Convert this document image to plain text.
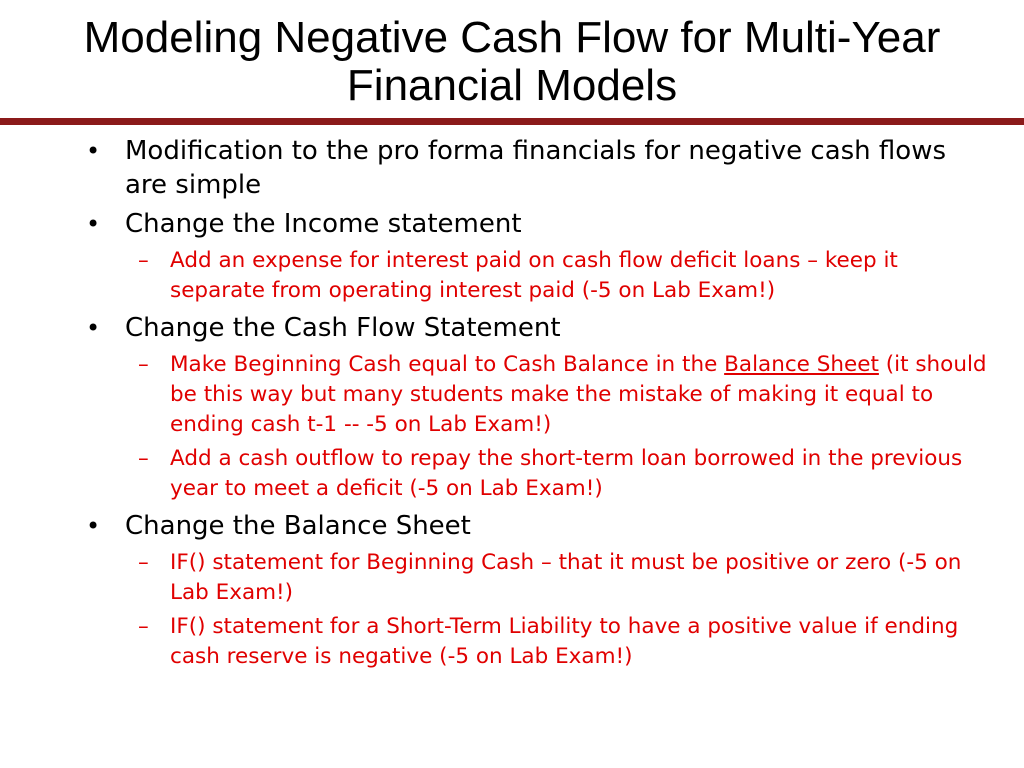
Modeling Negative Cash Flow for Multi-Year
Financial Models
• Modification to the pro forma financials for negative cash flows are simple
• Change the Income statement
– Add an expense for interest paid on cash flow deficit loans – keep it separate from operating interest paid (-5 on Lab Exam!)
• Change the Cash Flow Statement
– Make Beginning Cash equal to Cash Balance in the Balance Sheet (it should be this way but many students make the mistake of making it equal to ending cash t-1 -- -5 on Lab Exam!)
– Add a cash outflow to repay the short-term loan borrowed in the previous year to meet a deficit (-5 on Lab Exam!)
• Change the Balance Sheet
– IF() statement for Beginning Cash – that it must be positive or zero (-5 on Lab Exam!)
– IF() statement for a Short-Term Liability to have a positive value if ending cash reserve is negative (-5 on Lab Exam!)
